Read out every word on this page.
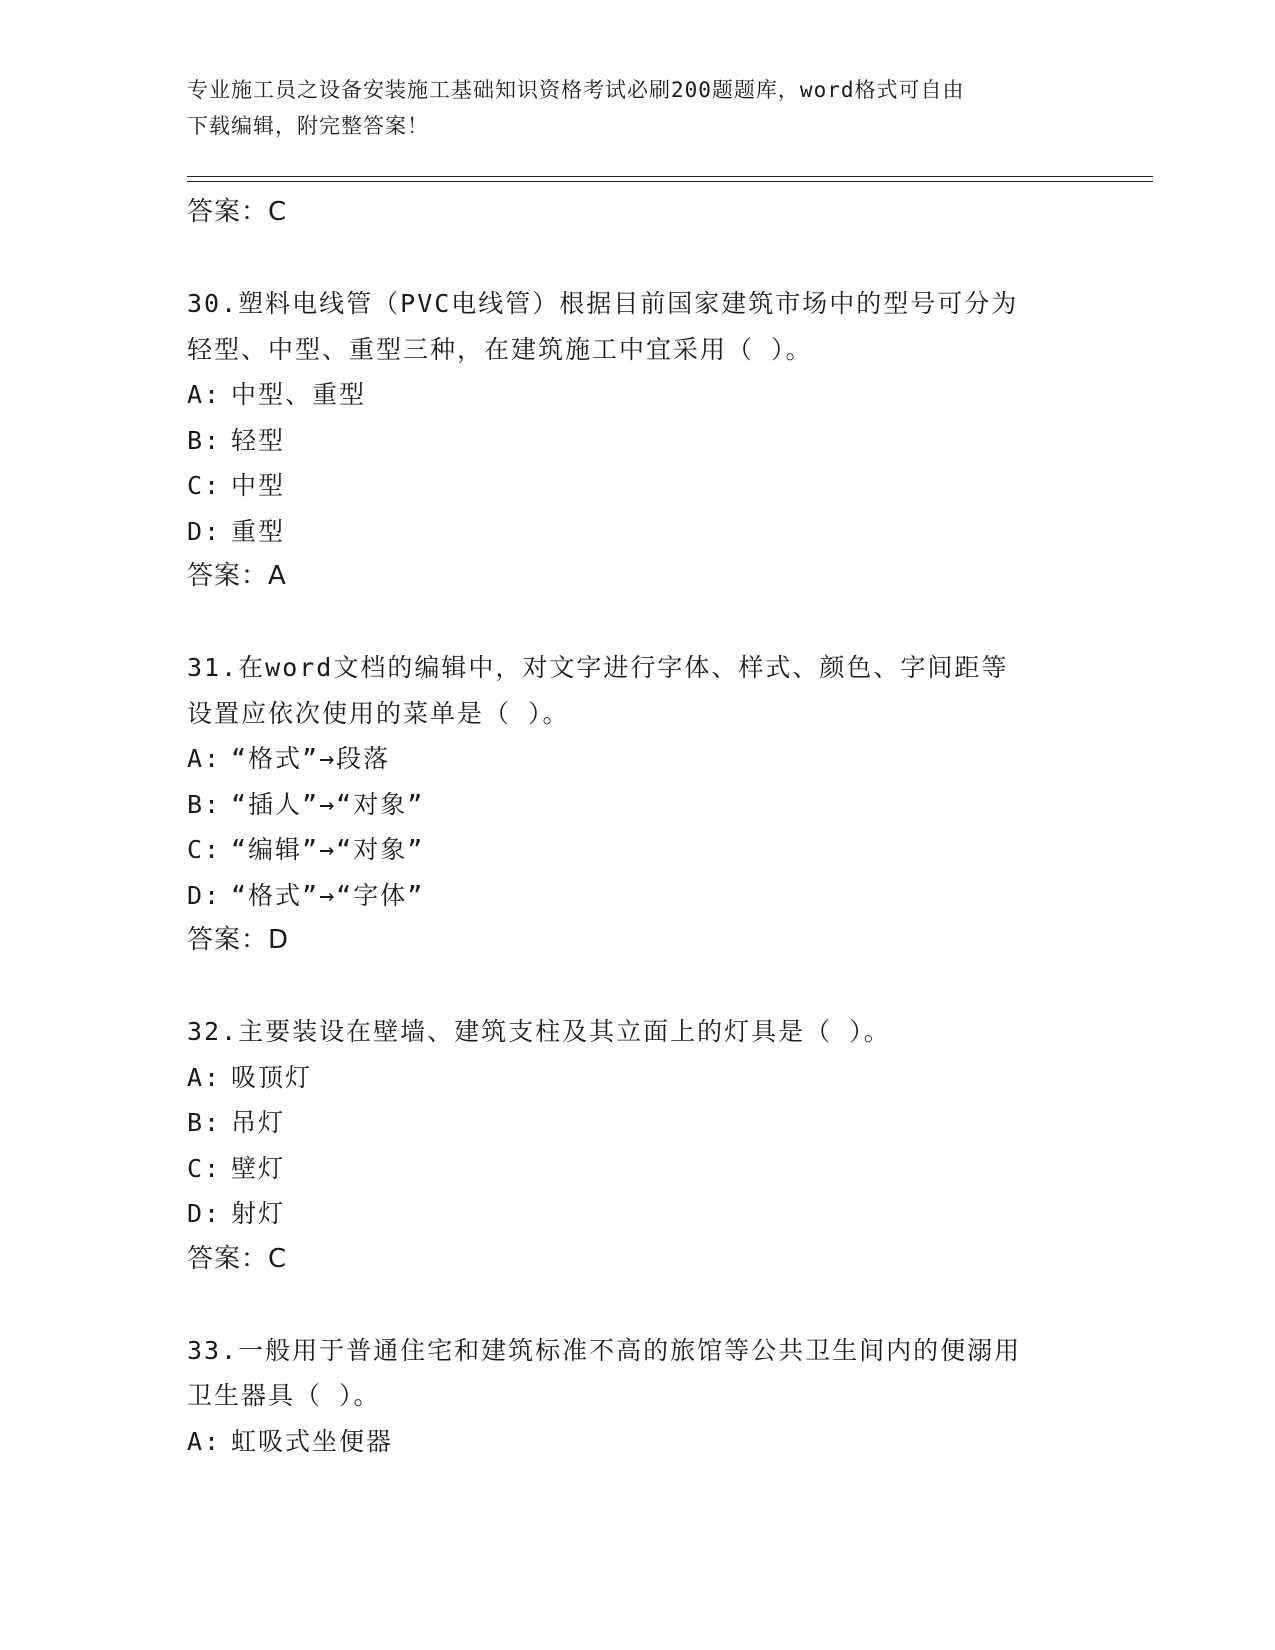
专业施工员之设备安装施工基础知识资格考试必刷200题题库，word格式可自由
下载编辑，附完整答案！
答案：C
30.塑料电线管（PVC电线管）根据目前国家建筑市场中的型号可分为
轻型、中型、重型三种，在建筑施工中宜采用（ ）。
A: 中型、重型
B: 轻型
C: 中型
D: 重型
答案：A
31.在word文档的编辑中，对文字进行字体、样式、颜色、字间距等
设置应依次使用的菜单是（ ）。
A: “格式”→段落
B: “插人”→“对象”
C: “编辑”→“对象”
D: “格式”→“字体”
答案：D
32.主要装设在壁墙、建筑支柱及其立面上的灯具是（ ）。
A: 吸顶灯
B: 吊灯
C: 壁灯
D: 射灯
答案：C
33.一般用于普通住宅和建筑标准不高的旅馆等公共卫生间内的便溺用
卫生器具（ ）。
A: 虹吸式坐便器
